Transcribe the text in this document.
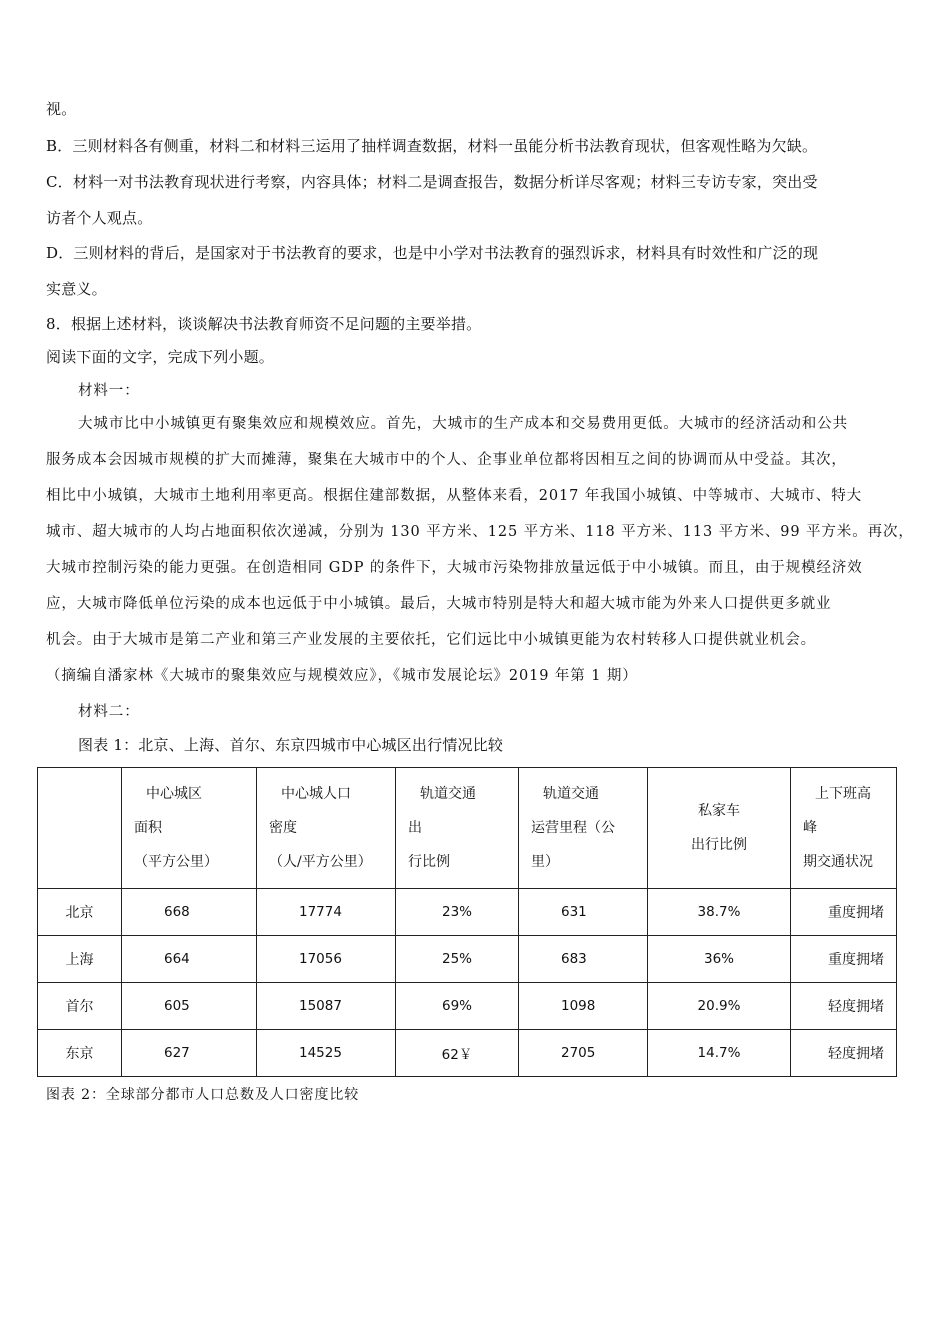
视。
B．三则材料各有侧重，材料二和材料三运用了抽样调查数据，材料一虽能分析书法教育现状，但客观性略为欠缺。
C．材料一对书法教育现状进行考察，内容具体；材料二是调查报告，数据分析详尽客观；材料三专访专家，突出受
访者个人观点。
D．三则材料的背后，是国家对于书法教育的要求，也是中小学对书法教育的强烈诉求，材料具有时效性和广泛的现
实意义。
8．根据上述材料，谈谈解决书法教育师资不足问题的主要举措。
阅读下面的文字，完成下列小题。
材料一：
大城市比中小城镇更有聚集效应和规模效应。首先，大城市的生产成本和交易费用更低。大城市的经济活动和公共
服务成本会因城市规模的扩大而摊薄，聚集在大城市中的个人、企事业单位都将因相互之间的协调而从中受益。其次，
相比中小城镇，大城市土地利用率更高。根据住建部数据，从整体来看，2017 年我国小城镇、中等城市、大城市、特大
城市、超大城市的人均占地面积依次递减，分别为 130 平方米、125 平方米、118 平方米、113 平方米、99 平方米。再次，
大城市控制污染的能力更强。在创造相同 GDP 的条件下，大城市污染物排放量远低于中小城镇。而且，由于规模经济效
应，大城市降低单位污染的成本也远低于中小城镇。最后，大城市特别是特大和超大城市能为外来人口提供更多就业
机会。由于大城市是第二产业和第三产业发展的主要依托，它们远比中小城镇更能为农村转移人口提供就业机会。
（摘编自潘家林《大城市的聚集效应与规模效应》，《城市发展论坛》2019 年第 1 期）
材料二：
图表 1：北京、上海、首尔、东京四城市中心城区出行情况比较

	中心城区
面积
（平方公里）	中心城人口
密度
（人/平方公里）	轨道交通
出
行比例	轨道交通
运营里程（公
里）	私家车
出行比例	上下班高
峰
期交通状况

北京	668	17774	23%	631	38.7%	重度拥堵
上海	664	17056	25%	683	36%	重度拥堵
首尔	605	15087	69%	1098	20.9%	轻度拥堵
东京	627	14525	62￥	2705	14.7%	轻度拥堵
图表 2：全球部分都市人口总数及人口密度比较
